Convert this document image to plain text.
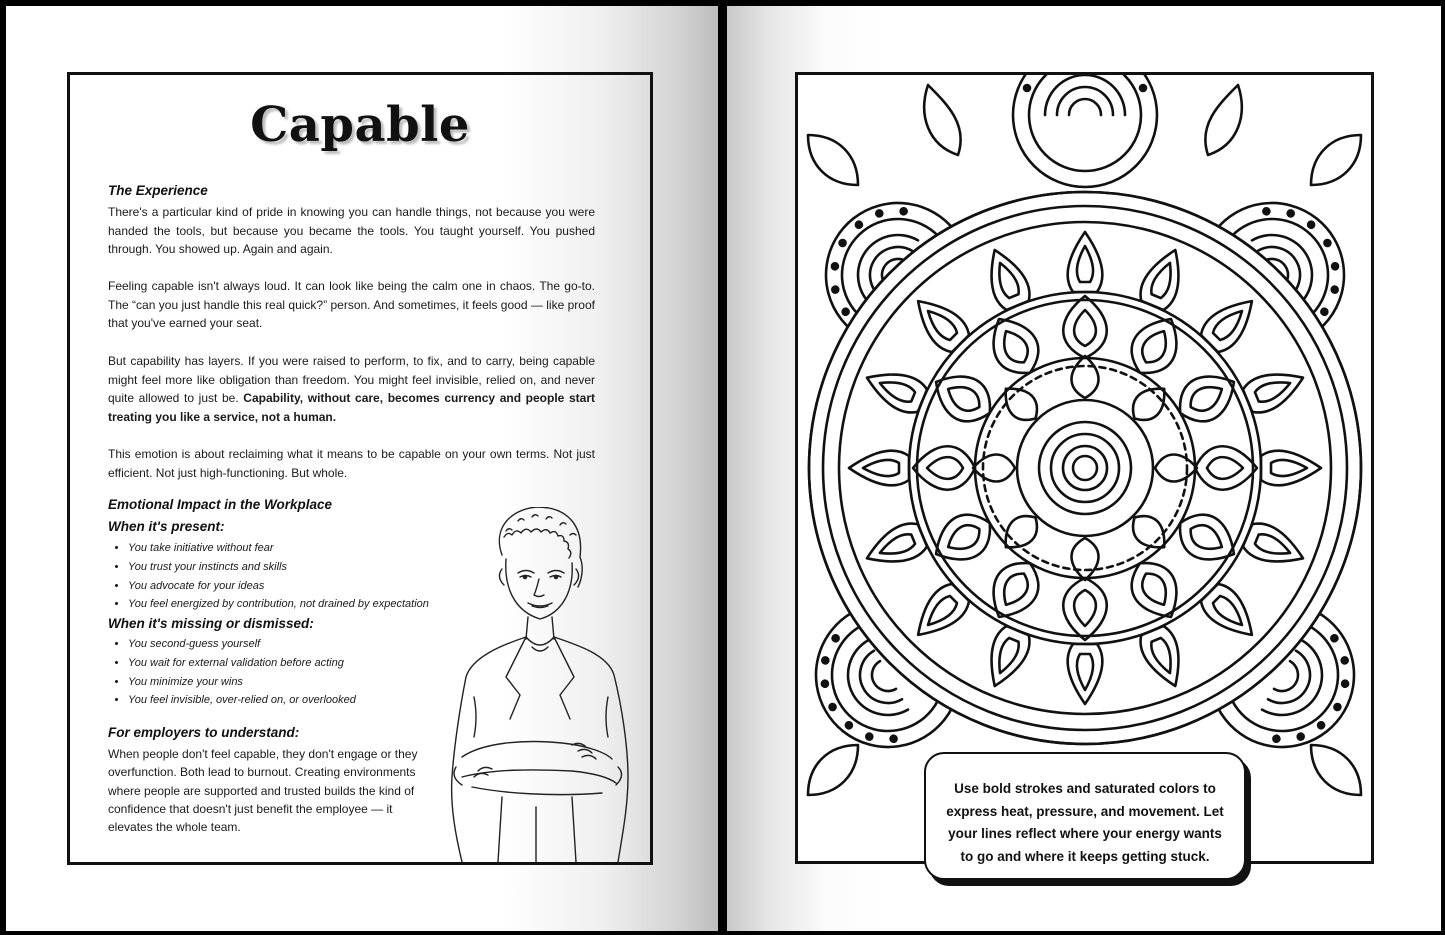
Capable
The Experience

There's a particular kind of pride in knowing you can handle things, not because you were handed the tools, but because you became the tools. You taught yourself. You pushed through. You showed up. Again and again.

Feeling capable isn't always loud. It can look like being the calm one in chaos. The go-to. The “can you just handle this real quick?” person. And sometimes, it feels good — like proof that you've earned your seat.

But capability has layers. If you were raised to perform, to fix, and to carry, being capable might feel more like obligation than freedom. You might feel invisible, relied on, and never quite allowed to just be. Capability, without care, becomes currency and people start treating you like a service, not a human.

This emotion is about reclaiming what it means to be capable on your own terms. Not just efficient. Not just high-functioning. But whole.

Emotional Impact in the Workplace
When it's present:
• You take initiative without fear
• You trust your instincts and skills
• You advocate for your ideas
• You feel energized by contribution, not drained by expectation
When it's missing or dismissed:
• You second-guess yourself
• You wait for external validation before acting
• You minimize your wins
• You feel invisible, over-relied on, or overlooked
For employers to understand:

When people don't feel capable, they don't engage or they overfunction. Both lead to burnout. Creating environments where people are supported and trusted builds the kind of confidence that doesn't just benefit the employee — it elevates the whole team.

Use bold strokes and saturated colors to express heat, pressure, and movement. Let your lines reflect where your energy wants to go and where it keeps getting stuck.
